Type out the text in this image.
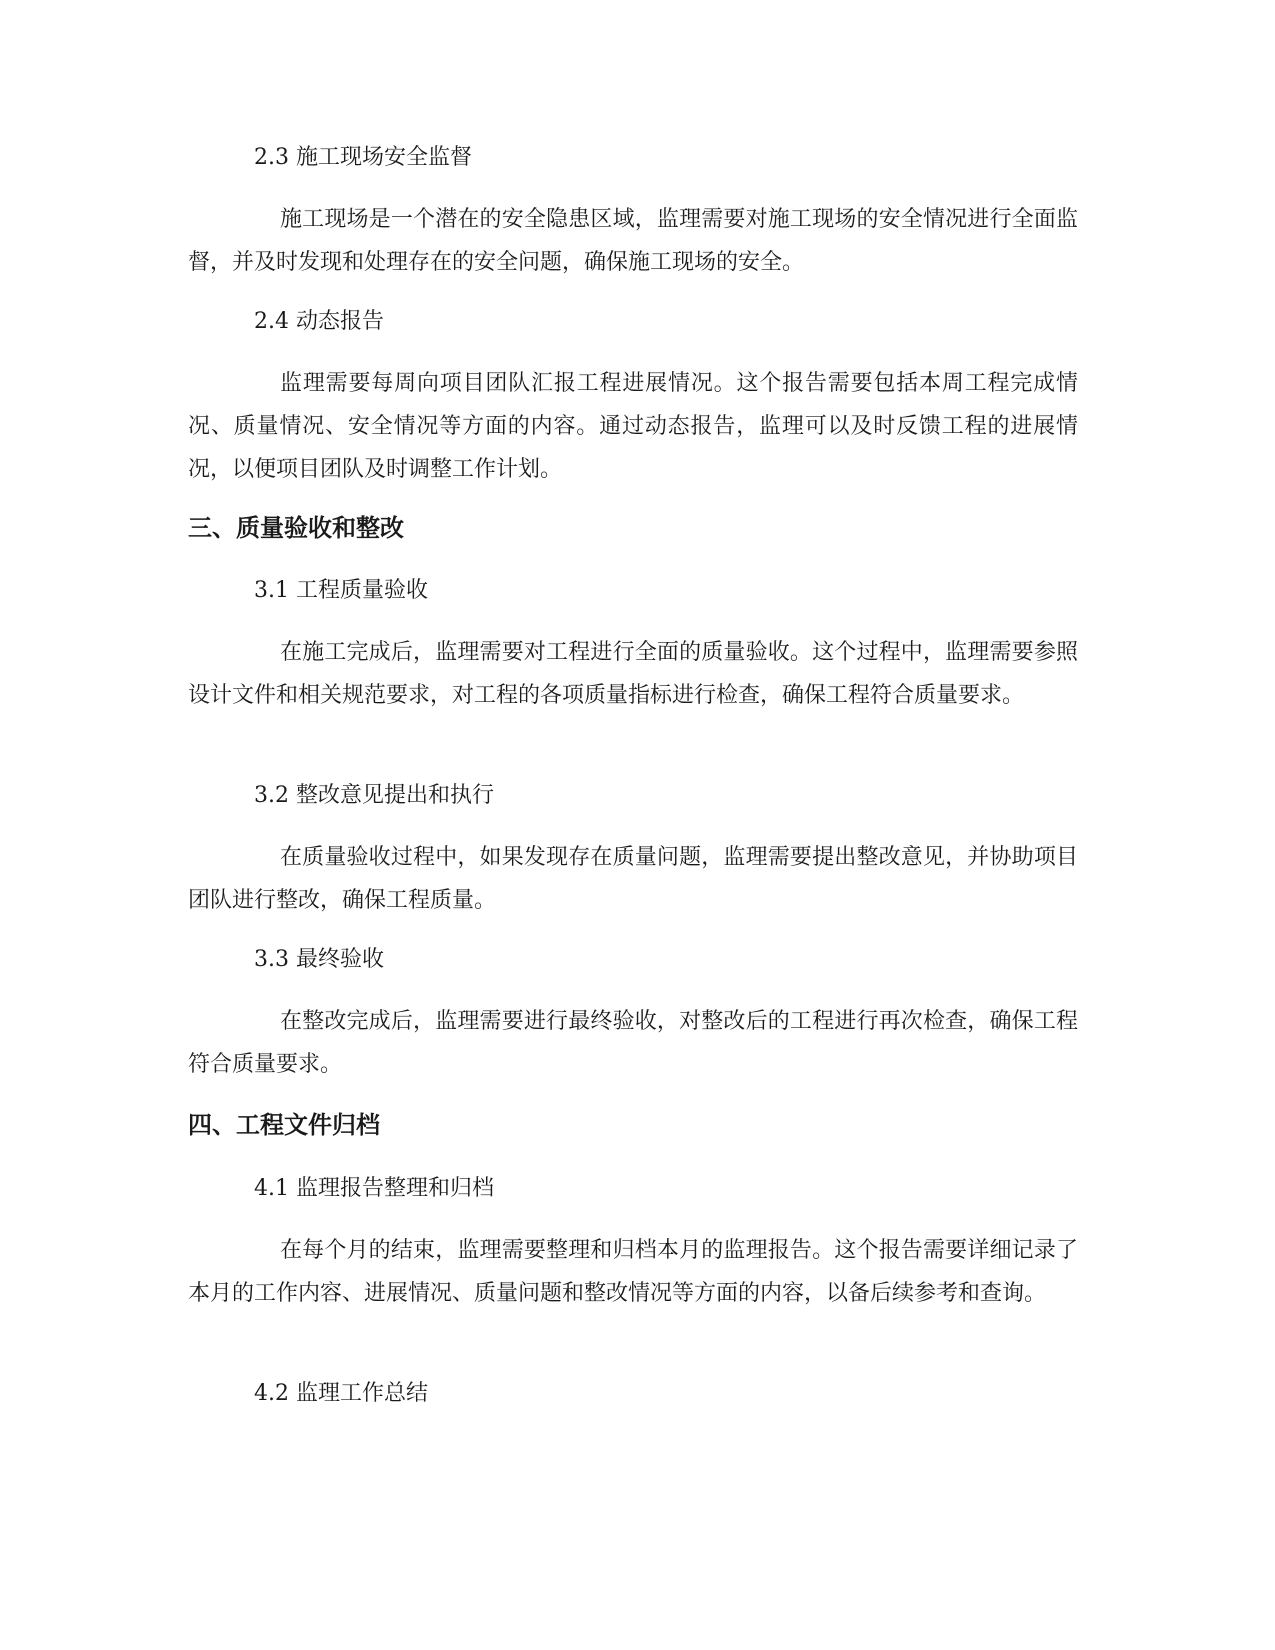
2.3 施工现场安全监督
施工现场是一个潜在的安全隐患区域，监理需要对施工现场的安全情况进行全面监督，并及时发现和处理存在的安全问题，确保施工现场的安全。
2.4 动态报告
监理需要每周向项目团队汇报工程进展情况。这个报告需要包括本周工程完成情况、质量情况、安全情况等方面的内容。通过动态报告，监理可以及时反馈工程的进展情况，以便项目团队及时调整工作计划。
三、质量验收和整改
3.1 工程质量验收
在施工完成后，监理需要对工程进行全面的质量验收。这个过程中，监理需要参照设计文件和相关规范要求，对工程的各项质量指标进行检查，确保工程符合质量要求。
3.2 整改意见提出和执行
在质量验收过程中，如果发现存在质量问题，监理需要提出整改意见，并协助项目团队进行整改，确保工程质量。
3.3 最终验收
在整改完成后，监理需要进行最终验收，对整改后的工程进行再次检查，确保工程符合质量要求。
四、工程文件归档
4.1 监理报告整理和归档
在每个月的结束，监理需要整理和归档本月的监理报告。这个报告需要详细记录了本月的工作内容、进展情况、质量问题和整改情况等方面的内容，以备后续参考和查询。
4.2 监理工作总结
